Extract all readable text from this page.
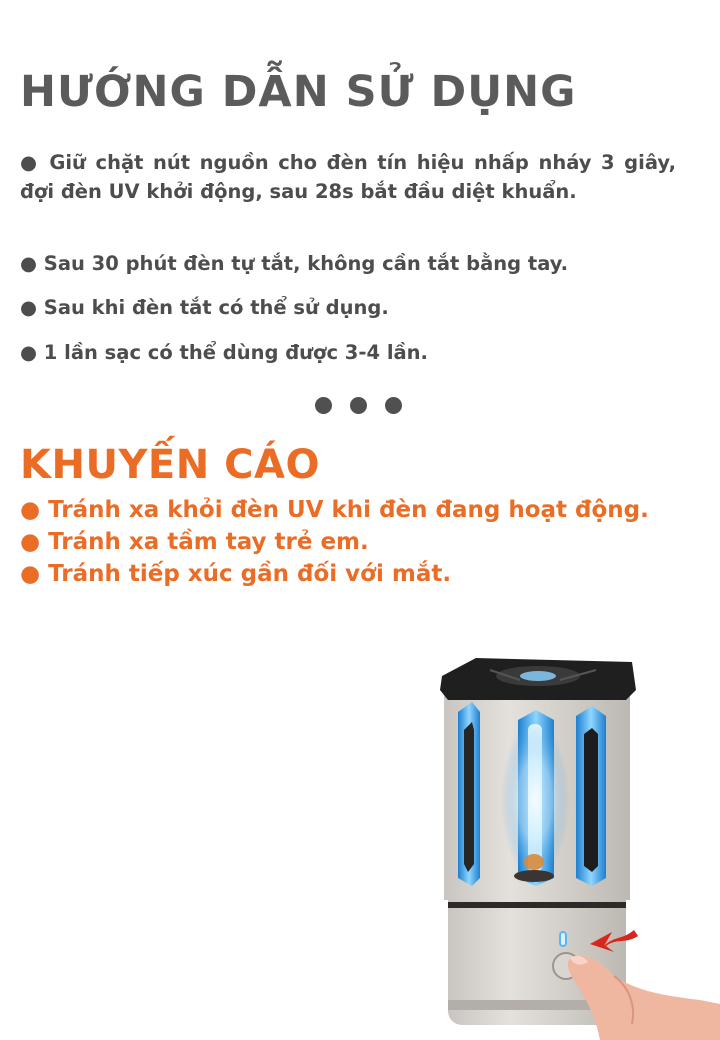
HƯỚNG DẪN SỬ DỤNG

● Giữ chặt nút nguồn cho đèn tín hiệu nhấp nháy 3 giây, đợi đèn UV khởi động, sau 28s bắt đầu diệt khuẩn.

● Sau 30 phút đèn tự tắt, không cần tắt bằng tay.

● Sau khi đèn tắt có thể sử dụng.

● 1 lần sạc có thể dùng được 3-4 lần.

KHUYẾN CÁO
● Tránh xa khỏi đèn UV khi đèn đang hoạt động.
● Tránh xa tầm tay trẻ em.
● Tránh tiếp xúc gần đối với mắt.
